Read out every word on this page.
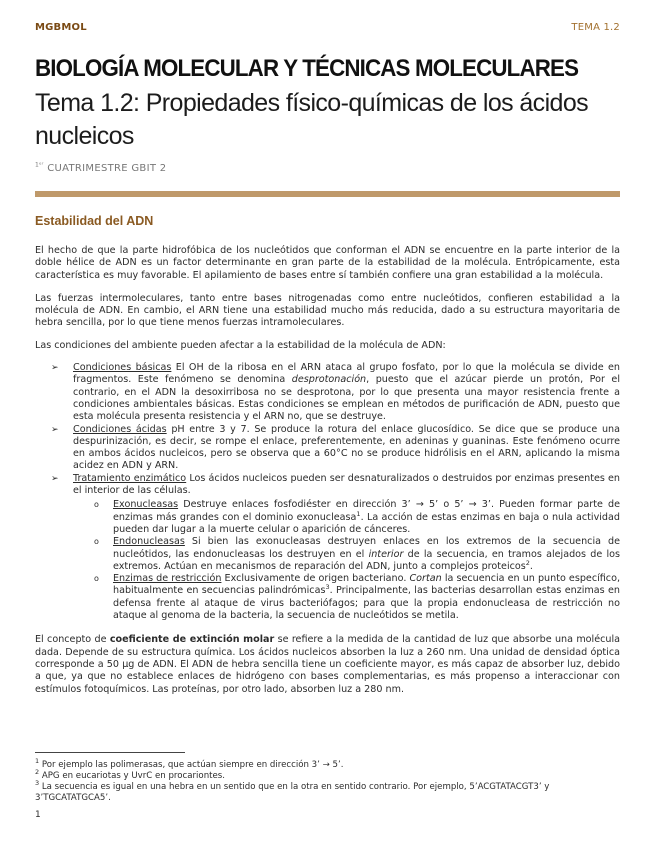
MGBMOL	TEMA 1.2
BIOLOGÍA MOLECULAR Y TÉCNICAS MOLECULARES
Tema 1.2: Propiedades físico-químicas de los ácidos nucleicos
$^{1ᵉʳ}$ CUATRIMESTRE GBIT 2
Estabilidad del ADN

El hecho de que la parte hidrofóbica de los nucleótidos que conforman el ADN se encuentre en la parte interior de la doble hélice de ADN es un factor determinante en gran parte de la estabilidad de la molécula. Entrópicamente, esta característica es muy favorable. El apilamiento de bases entre sí también confiere una gran estabilidad a la molécula.

Las fuerzas intermoleculares, tanto entre bases nitrogenadas como entre nucleótidos, confieren estabilidad a la molécula de ADN. En cambio, el ARN tiene una estabilidad mucho más reducida, dado a su estructura mayoritaria de hebra sencilla, por lo que tiene menos fuerzas intramoleculares.

Las condiciones del ambiente pueden afectar a la estabilidad de la molécula de ADN:

➢ Condiciones básicas El OH de la ribosa en el ARN ataca al grupo fosfato, por lo que la molécula se divide en fragmentos. Este fenómeno se denomina desprotonación, puesto que el azúcar pierde un protón, Por el contrario, en el ADN la desoxirribosa no se desprotona, por lo que presenta una mayor resistencia frente a condiciones ambientales básicas. Estas condiciones se emplean en métodos de purificación de ADN, puesto que esta molécula presenta resistencia y el ARN no, que se destruye.
➢ Condiciones ácidas pH entre 3 y 7. Se produce la rotura del enlace glucosídico. Se dice que se produce una despurinización, es decir, se rompe el enlace, preferentemente, en adeninas y guaninas. Este fenómeno ocurre en ambos ácidos nucleicos, pero se observa que a 60°C no se produce hidrólisis en el ARN, aplicando la misma acidez en ADN y ARN.
➢ Tratamiento enzimático Los ácidos nucleicos pueden ser desnaturalizados o destruidos por enzimas presentes en el interior de las células.
o Exonucleasas Destruye enlaces fosfodiéster en dirección 3’ → 5’ o 5’ → 3’. Pueden formar parte de enzimas más grandes con el dominio exonucleasa$^1$. La acción de estas enzimas en baja o nula actividad pueden dar lugar a la muerte celular o aparición de cánceres.
o Endonucleasas Si bien las exonucleasas destruyen enlaces en los extremos de la secuencia de nucleótidos, las endonucleasas los destruyen en el interior de la secuencia, en tramos alejados de los extremos. Actúan en mecanismos de reparación del ADN, junto a complejos proteicos$^2$.
o Enzimas de restricción Exclusivamente de origen bacteriano. Cortan la secuencia en un punto específico, habitualmente en secuencias palindrómicas$^3$. Principalmente, las bacterias desarrollan estas enzimas en defensa frente al ataque de virus bacteriófagos; para que la propia endonucleasa de restricción no ataque al genoma de la bacteria, la secuencia de nucleótidos se metila.

El concepto de coeficiente de extinción molar se refiere a la medida de la cantidad de luz que absorbe una molécula dada. Depende de su estructura química. Los ácidos nucleicos absorben la luz a 260 nm. Una unidad de densidad óptica corresponde a 50 µg de ADN. El ADN de hebra sencilla tiene un coeficiente mayor, es más capaz de absorber luz, debido a que, ya que no establece enlaces de hidrógeno con bases complementarias, es más propenso a interaccionar con estímulos fotoquímicos. Las proteínas, por otro lado, absorben luz a 280 nm.

$^1$ Por ejemplo las polimerasas, que actúan siempre en dirección 3’ → 5’.
$^2$ APG en eucariotas y UvrC en procariontes.
$^3$ La secuencia es igual en una hebra en un sentido que en la otra en sentido contrario. Por ejemplo, 5’ACGTATACGT3’ y 3’TGCATATGCA5’.
1
